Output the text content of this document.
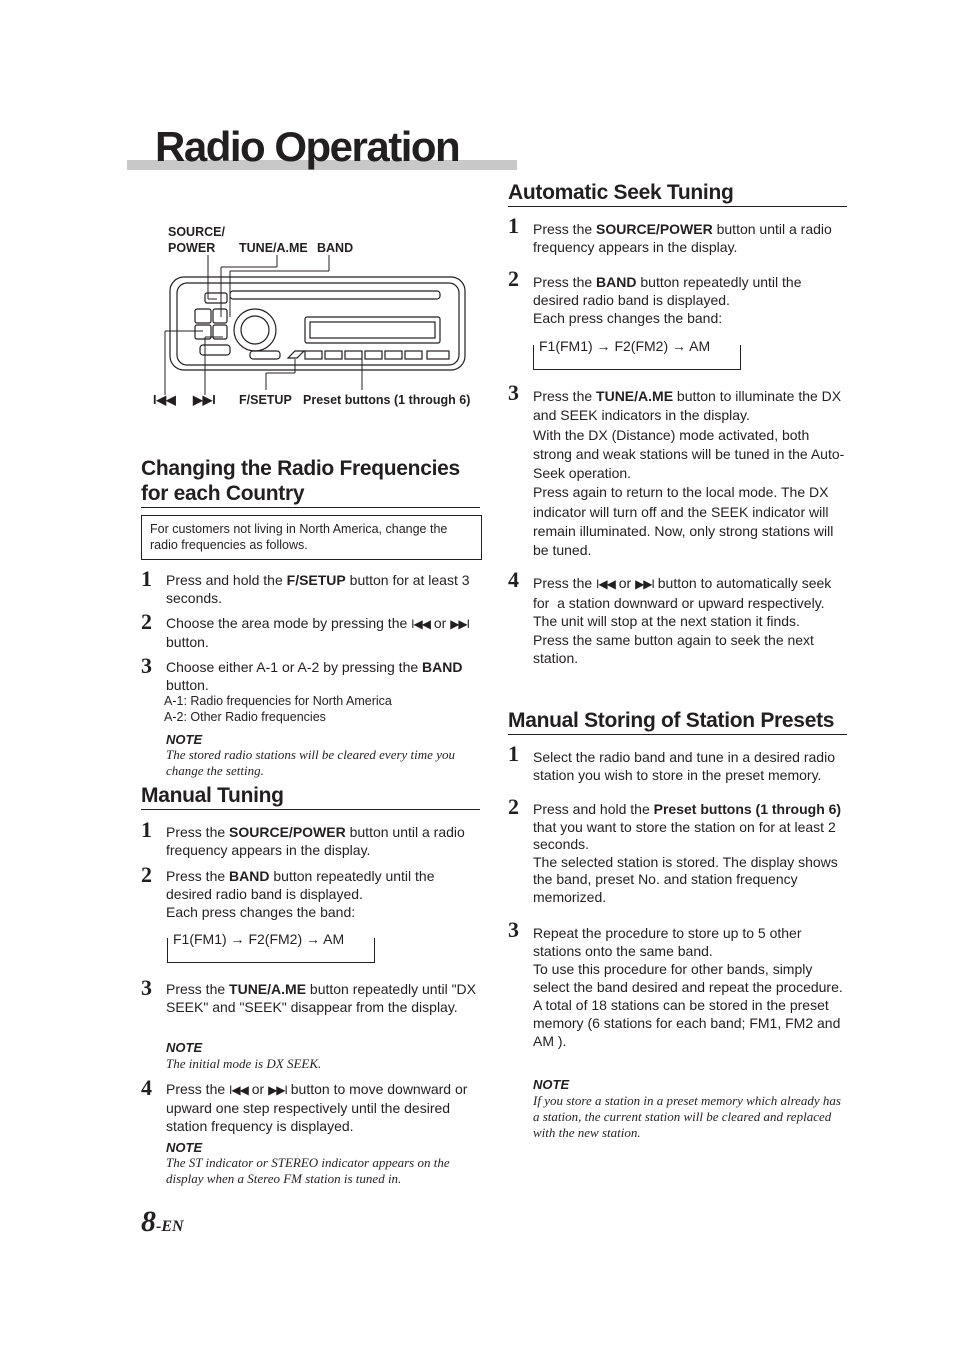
Radio Operation
SOURCE/
POWER	TUNE/A.ME BAND
I◀◀ ▶▶I F/SETUP Preset buttons (1 through 6)
Changing the Radio Frequencies
for each Country
For customers not living in North America, change the radio frequencies as follows.
1 Press and hold the F/SETUP button for at least 3 seconds.
2 Choose the area mode by pressing the I◀◀ or ▶▶I button.
3 Choose either A-1 or A-2 by pressing the BAND button.
A-1: Radio frequencies for North America
A-2: Other Radio frequencies
NOTE
The stored radio stations will be cleared every time you change the setting.
Manual Tuning
1 Press the SOURCE/POWER button until a radio frequency appears in the display.
2 Press the BAND button repeatedly until the desired radio band is displayed.
Each press changes the band:
F1(FM1) → F2(FM2) → AM
3 Press the TUNE/A.ME button repeatedly until "DX SEEK" and "SEEK" disappear from the display.
NOTE
The initial mode is DX SEEK.
4 Press the I◀◀ or ▶▶I button to move downward or upward one step respectively until the desired station frequency is displayed.
NOTE
The ST indicator or STEREO indicator appears on the display when a Stereo FM station is tuned in.
8-EN
Automatic Seek Tuning
1 Press the SOURCE/POWER button until a radio frequency appears in the display.
2 Press the BAND button repeatedly until the desired radio band is displayed.
Each press changes the band:
F1(FM1) → F2(FM2) → AM
3 Press the TUNE/A.ME button to illuminate the DX and SEEK indicators in the display.
With the DX (Distance) mode activated, both strong and weak stations will be tuned in the Auto-Seek operation.
Press again to return to the local mode. The DX indicator will turn off and the SEEK indicator will remain illuminated. Now, only strong stations will be tuned.
4 Press the I◀◀ or ▶▶I button to automatically seek for  a station downward or upward respectively.
The unit will stop at the next station it finds.
Press the same button again to seek the next station.
Manual Storing of Station Presets
1 Select the radio band and tune in a desired radio station you wish to store in the preset memory.
2 Press and hold the Preset buttons (1 through 6) that you want to store the station on for at least 2 seconds.
The selected station is stored. The display shows the band, preset No. and station frequency memorized.
3 Repeat the procedure to store up to 5 other stations onto the same band.
To use this procedure for other bands, simply select the band desired and repeat the procedure.
A total of 18 stations can be stored in the preset memory (6 stations for each band; FM1, FM2 and AM ).
NOTE
If you store a station in a preset memory which already has a station, the current station will be cleared and replaced with the new station.
